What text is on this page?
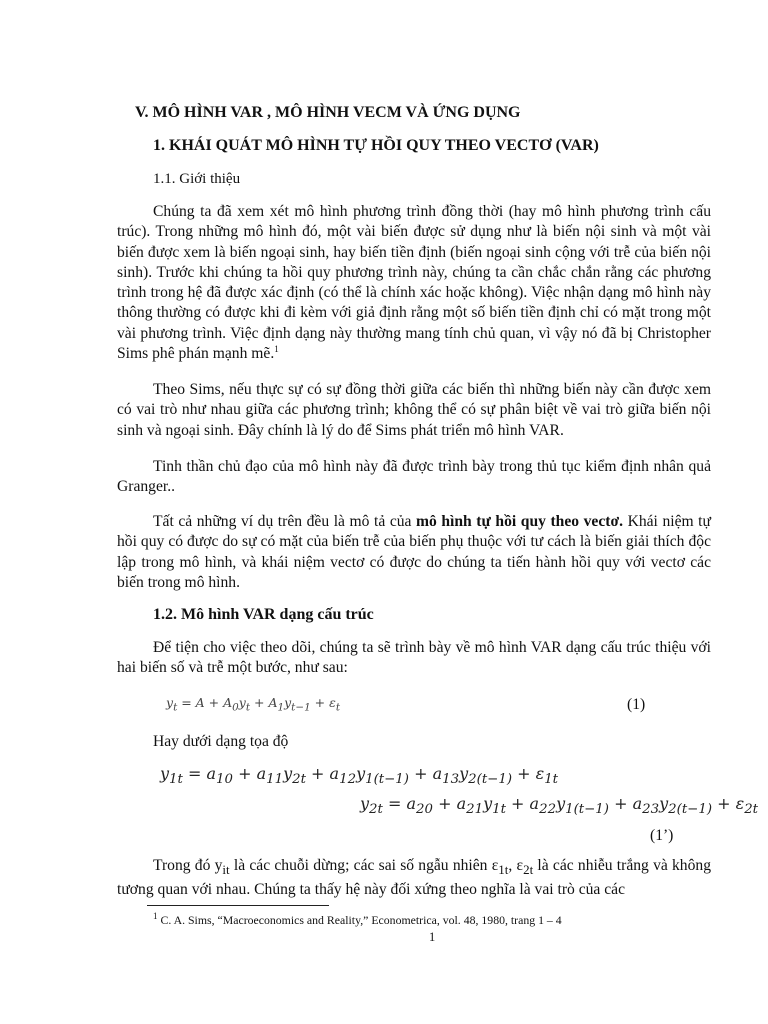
V. MÔ HÌNH VAR , MÔ HÌNH VECM VÀ ỨNG DỤNG
1. KHÁI QUÁT MÔ HÌNH TỰ HỒI QUY THEO VECTƠ (VAR)
1.1. Giới thiệu
Chúng ta đã xem xét mô hình phương trình đồng thời (hay mô hình phương trình cấu trúc). Trong những mô hình đó, một vài biến được sử dụng như là biến nội sinh và một vài biến được xem là biến ngoại sinh, hay biến tiền định (biến ngoại sinh cộng với trễ của biến nội sinh). Trước khi chúng ta hồi quy phương trình này, chúng ta cần chắc chắn rằng các phương trình trong hệ đã được xác định (có thể là chính xác hoặc không). Việc nhận dạng mô hình này thông thường có được khi đi kèm với giả định rằng một số biến tiền định chỉ có mặt trong một vài phương trình. Việc định dạng này thường mang tính chủ quan, vì vậy nó đã bị Christopher Sims phê phán mạnh mẽ.$^1$
Theo Sims, nếu thực sự có sự đồng thời giữa các biến thì những biến này cần được xem có vai trò như nhau giữa các phương trình; không thể có sự phân biệt về vai trò giữa biến nội sinh và ngoại sinh. Đây chính là lý do để Sims phát triển mô hình VAR.
Tinh thần chủ đạo của mô hình này đã được trình bày trong thủ tục kiểm định nhân quả Granger..
Tất cả những ví dụ trên đều là mô tả của mô hình tự hồi quy theo vectơ. Khái niệm tự hồi quy có được do sự có mặt của biến trễ của biến phụ thuộc với tư cách là biến giải thích độc lập trong mô hình, và khái niệm vectơ có được do chúng ta tiến hành hồi quy với vectơ các biến trong mô hình.
1.2. Mô hình VAR dạng cấu trúc
Để tiện cho việc theo dõi, chúng ta sẽ trình bày về mô hình VAR dạng cấu trúc thiệu với hai biến số và trễ một bước, như sau:
$y_t = A + A_0y_t + A_1y_{t-1} + \varepsilon_t$	(1)
Hay dưới dạng tọa độ
$y_{1t} = a_{10} + a_{11}y_{2t} + a_{12}y_{1(t-1)} + a_{13}y_{2(t-1)} + \varepsilon_{1t}$
$y_{2t} = a_{20} + a_{21}y_{1t} + a_{22}y_{1(t-1)} + a_{23}y_{2(t-1)} + \varepsilon_{2t}$
(1’)
Trong đó $y_{it}$ là các chuỗi dừng; các sai số ngẫu nhiên $\varepsilon_{1t}$, $\varepsilon_{2t}$ là các nhiễu trắng và không tương quan với nhau. Chúng ta thấy hệ này đối xứng theo nghĩa là vai trò của các
$^1$ C. A. Sims, “Macroeconomics and Reality,” Econometrica, vol. 48, 1980, trang 1 – 4
1
